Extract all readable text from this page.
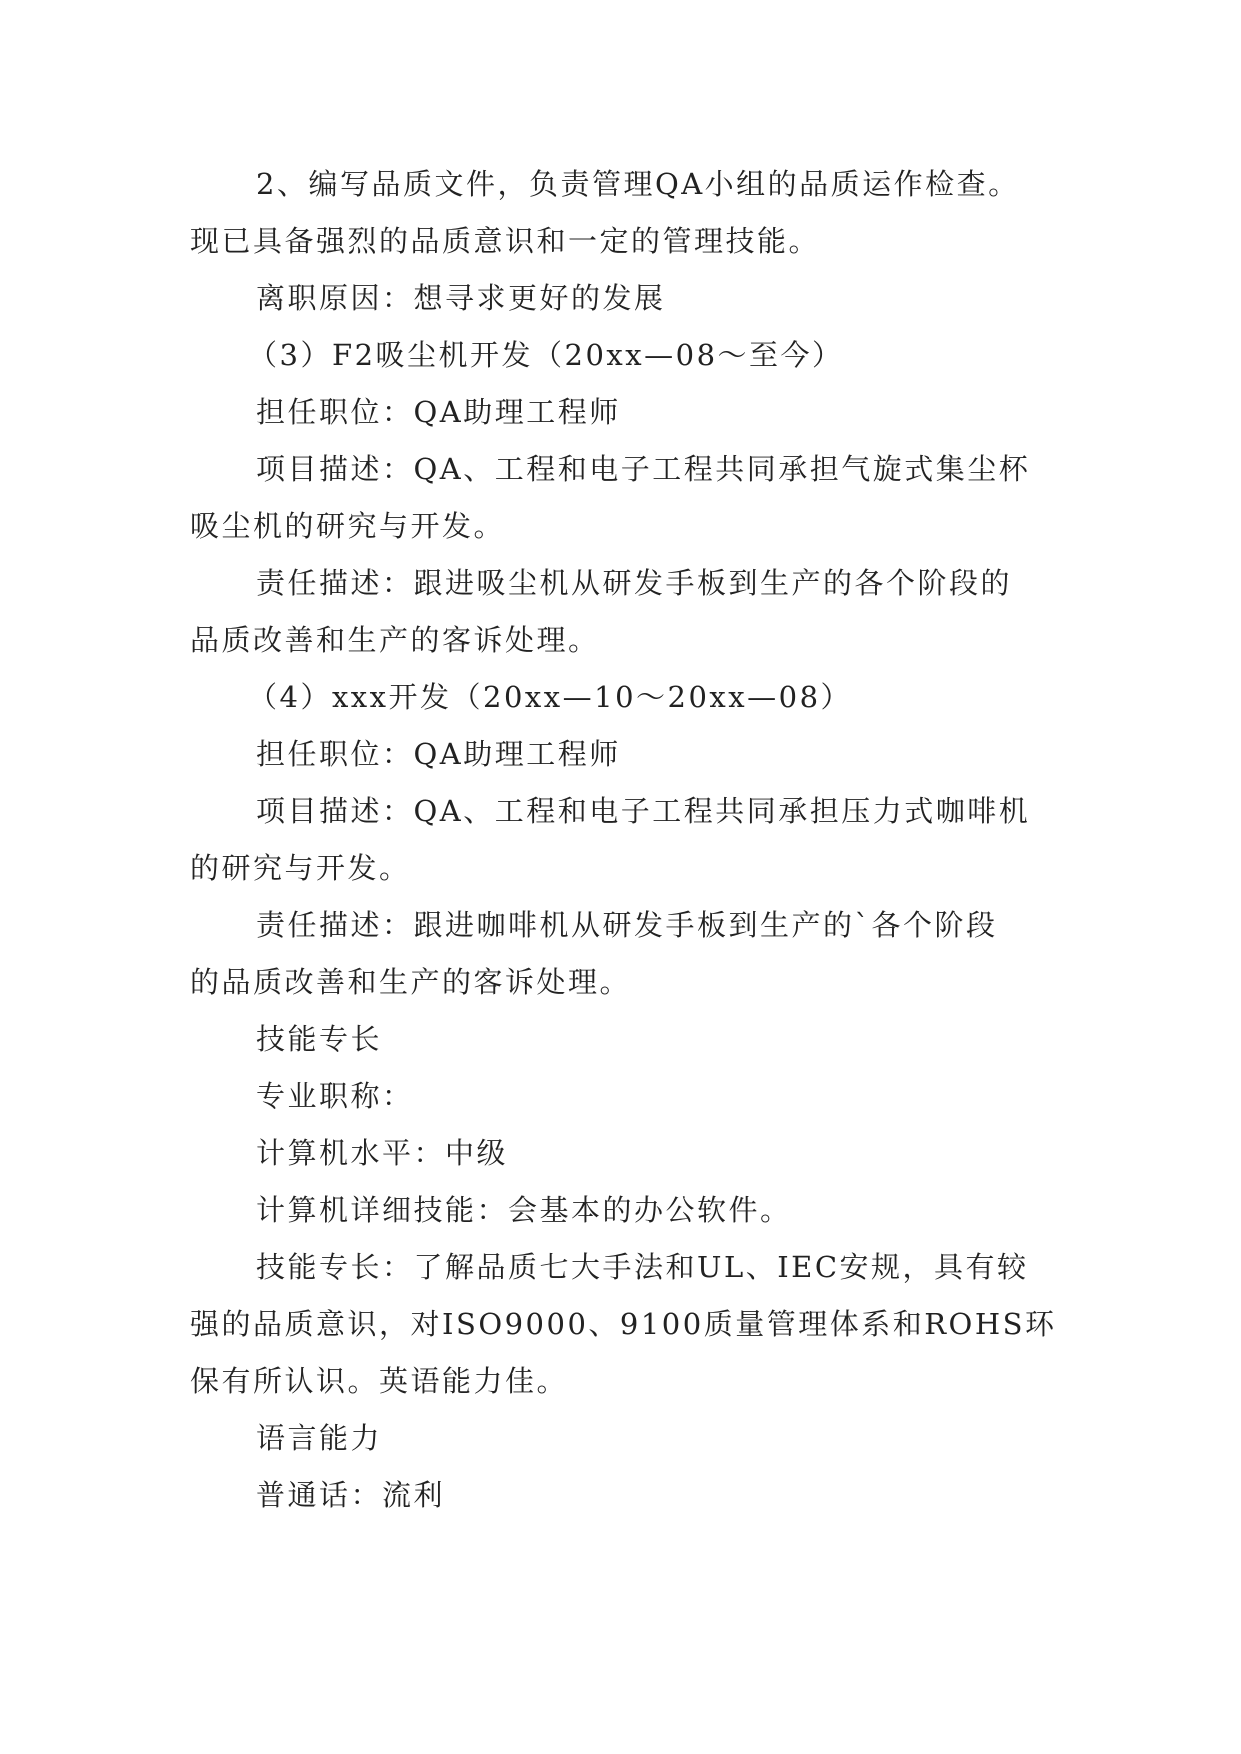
2、编写品质文件，负责管理QA小组的品质运作检查。

现已具备强烈的品质意识和一定的管理技能。

离职原因：想寻求更好的发展

（3）F2吸尘机开发（20xx—08～至今）

担任职位：QA助理工程师

项目描述：QA、工程和电子工程共同承担气旋式集尘杯

吸尘机的研究与开发。

责任描述：跟进吸尘机从研发手板到生产的各个阶段的

品质改善和生产的客诉处理。

（4）xxx开发（20xx—10～20xx—08）

担任职位：QA助理工程师

项目描述：QA、工程和电子工程共同承担压力式咖啡机

的研究与开发。

责任描述：跟进咖啡机从研发手板到生产的`各个阶段

的品质改善和生产的客诉处理。

技能专长

专业职称：

计算机水平：中级

计算机详细技能：会基本的办公软件。

技能专长：了解品质七大手法和UL、IEC安规，具有较

强的品质意识，对ISO9000、9100质量管理体系和ROHS环

保有所认识。英语能力佳。

语言能力

普通话：流利
